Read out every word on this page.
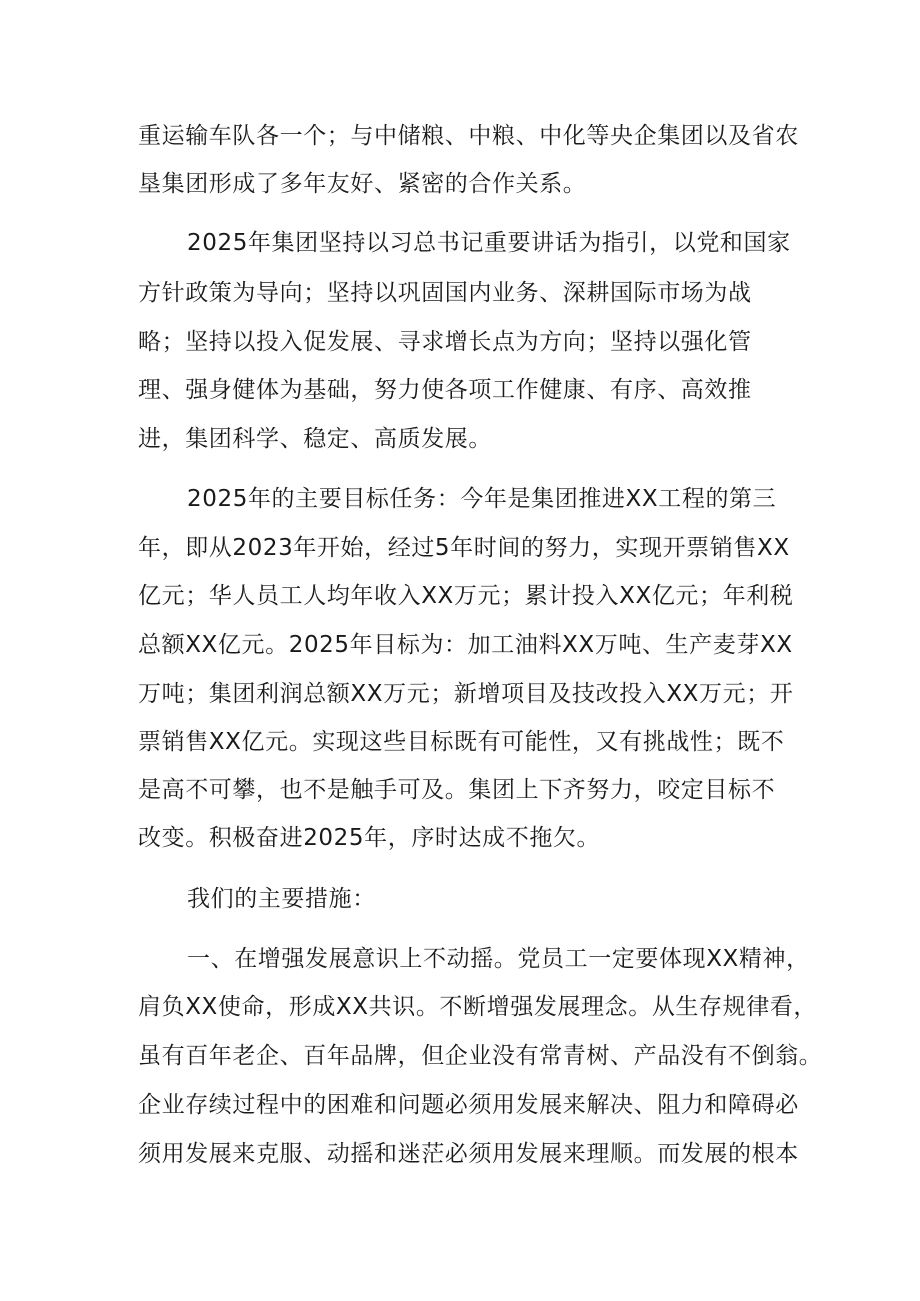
重运输车队各一个；与中储粮、中粮、中化等央企集团以及省农
垦集团形成了多年友好、紧密的合作关系。
2025年集团坚持以习总书记重要讲话为指引，以党和国家
方针政策为导向；坚持以巩固国内业务、深耕国际市场为战
略；坚持以投入促发展、寻求增长点为方向；坚持以强化管
理、强身健体为基础，努力使各项工作健康、有序、高效推
进，集团科学、稳定、高质发展。
2025年的主要目标任务：今年是集团推进XX工程的第三
年，即从2023年开始，经过5年时间的努力，实现开票销售XX
亿元；华人员工人均年收入XX万元；累计投入XX亿元；年利税
总额XX亿元。2025年目标为：加工油料XX万吨、生产麦芽XX
万吨；集团利润总额XX万元；新增项目及技改投入XX万元；开
票销售XX亿元。实现这些目标既有可能性，又有挑战性；既不
是高不可攀，也不是触手可及。集团上下齐努力，咬定目标不
改变。积极奋进2025年，序时达成不拖欠。
我们的主要措施：
一、在增强发展意识上不动摇。党员工一定要体现XX精神，
肩负XX使命，形成XX共识。不断增强发展理念。从生存规律看，
虽有百年老企、百年品牌，但企业没有常青树、产品没有不倒翁。
企业存续过程中的困难和问题必须用发展来解决、阻力和障碍必
须用发展来克服、动摇和迷茫必须用发展来理顺。而发展的根本
